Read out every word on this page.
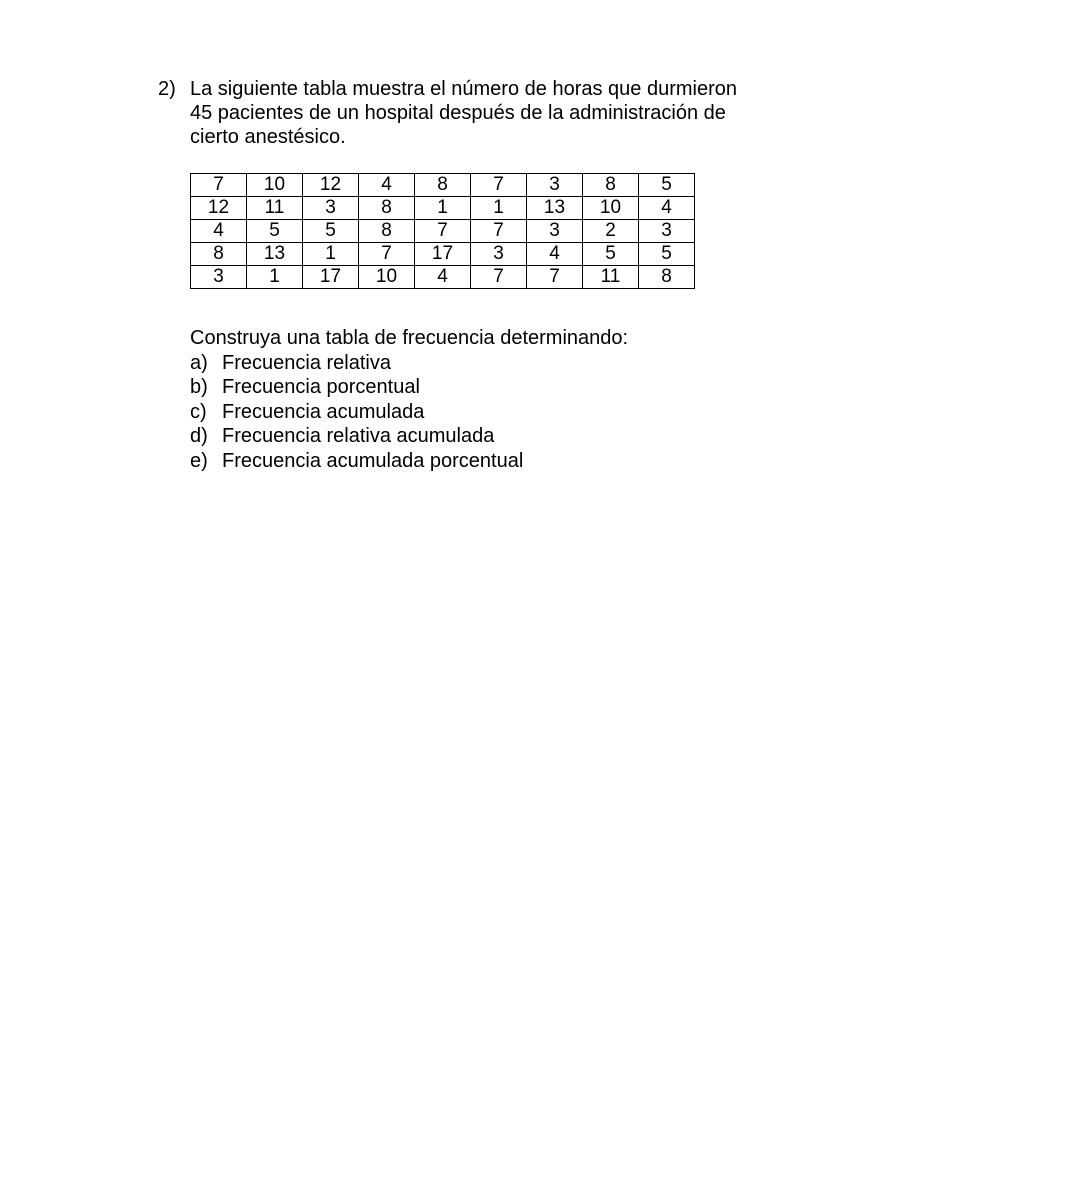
2) La siguiente tabla muestra el número de horas que durmieron
45 pacientes de un hospital después de la administración de
cierto anestésico.
7	10	12	4	8	7	3	8	5
12	11	3	8	1	1	13	10	4
4	5	5	8	7	7	3	2	3
8	13	1	7	17	3	4	5	5
3	1	17	10	4	7	7	11	8
Construya una tabla de frecuencia determinando:
a) Frecuencia relativa
b) Frecuencia porcentual
c) Frecuencia acumulada
d) Frecuencia relativa acumulada
e) Frecuencia acumulada porcentual
